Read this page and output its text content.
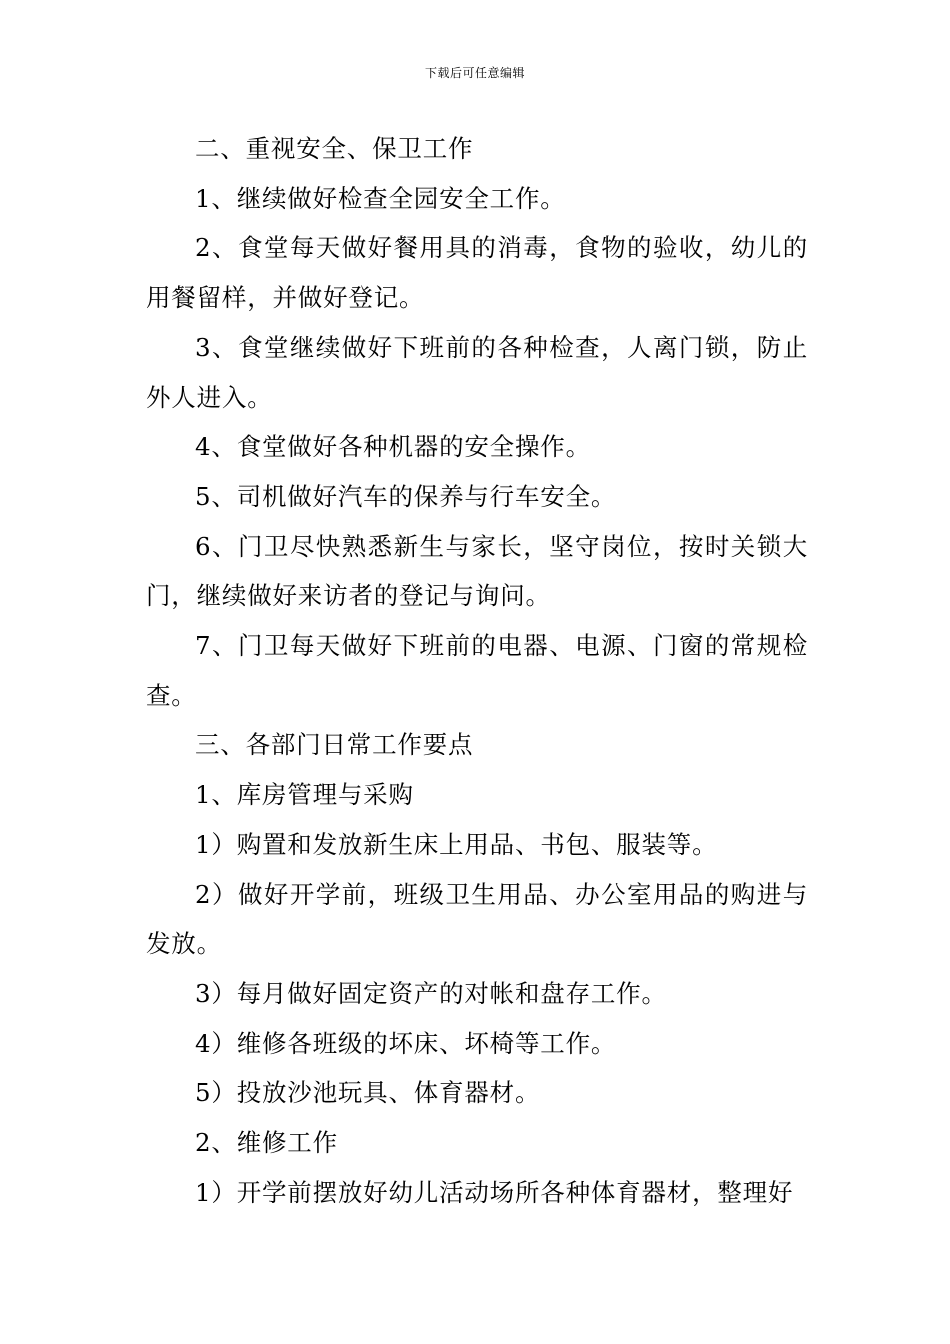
下载后可任意编辑

二、重视安全、保卫工作

1、继续做好检查全园安全工作。

2、食堂每天做好餐用具的消毒，食物的验收，幼儿的用餐留样，并做好登记。

3、食堂继续做好下班前的各种检查，人离门锁，防止外人进入。

4、食堂做好各种机器的安全操作。

5、司机做好汽车的保养与行车安全。

6、门卫尽快熟悉新生与家长，坚守岗位，按时关锁大门，继续做好来访者的登记与询问。

7、门卫每天做好下班前的电器、电源、门窗的常规检查。

三、各部门日常工作要点

1、库房管理与采购

1）购置和发放新生床上用品、书包、服装等。

2）做好开学前，班级卫生用品、办公室用品的购进与发放。

3）每月做好固定资产的对帐和盘存工作。

4）维修各班级的坏床、坏椅等工作。

5）投放沙池玩具、体育器材。

2、维修工作

1）开学前摆放好幼儿活动场所各种体育器材，整理好
